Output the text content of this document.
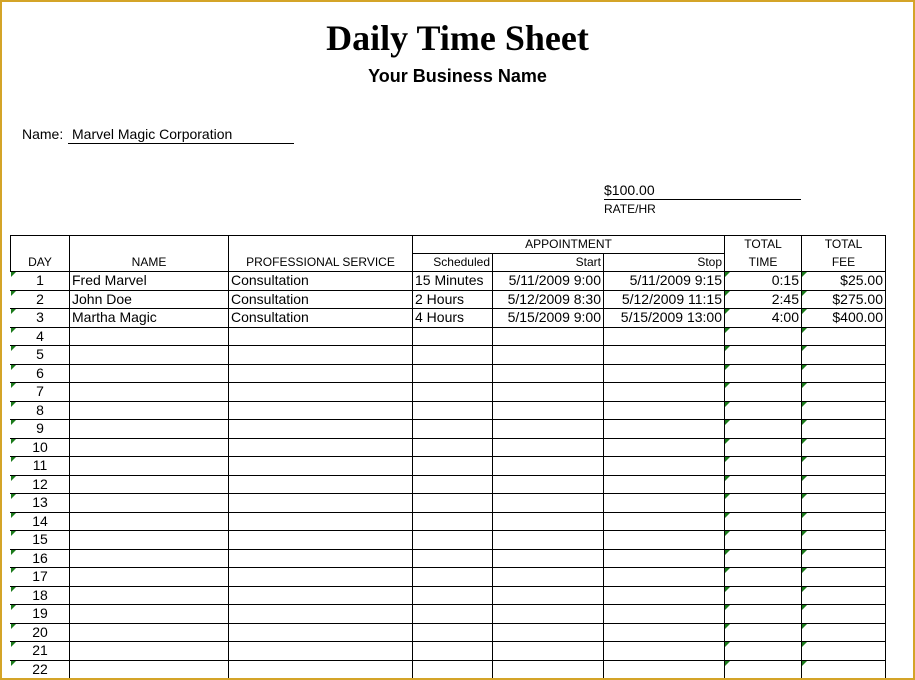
Daily Time Sheet
Your Business Name
Name: Marvel Magic Corporation
$100.00
RATE/HR
			APPOINTMENT			TOTAL	TOTAL
DAY	NAME	PROFESSIONAL SERVICE	Scheduled	Start	Stop	TIME	FEE

1	Fred Marvel	Consultation	15 Minutes	5/11/2009 9:00	5/11/2009 9:15	0:15	$25.00

2	John Doe	Consultation	2 Hours	5/12/2009 8:30	5/12/2009 11:15	2:45	$275.00

3	Martha Magic	Consultation	4 Hours	5/15/2009 9:00	5/15/2009 13:00	4:00	$400.00

4						

5						

6						

7						

8						

9						

10						

11						

12						

13						

14						

15						

16						

17						

18						

19						

20						

21						

22						
